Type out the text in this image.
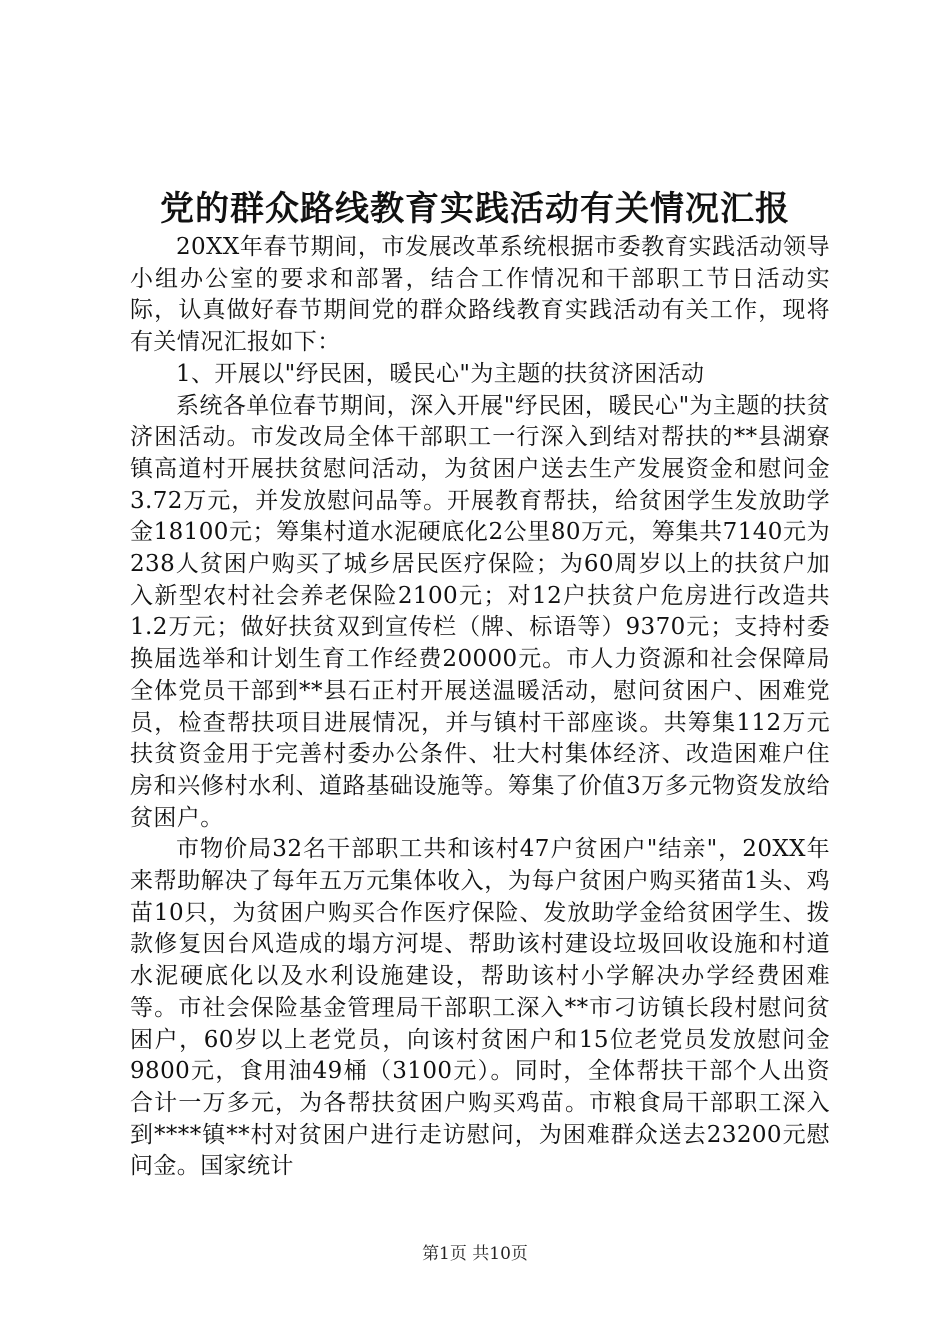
党的群众路线教育实践活动有关情况汇报

20XX年春节期间，市发展改革系统根据市委教育实践活动领导小组办公室的要求和部署，结合工作情况和干部职工节日活动实际，认真做好春节期间党的群众路线教育实践活动有关工作，现将有关情况汇报如下：

1、开展以"纾民困，暖民心"为主题的扶贫济困活动

系统各单位春节期间，深入开展"纾民困，暖民心"为主题的扶贫济困活动。市发改局全体干部职工一行深入到结对帮扶的**县湖寮镇高道村开展扶贫慰问活动，为贫困户送去生产发展资金和慰问金3.72万元，并发放慰问品等。开展教育帮扶，给贫困学生发放助学金18100元；筹集村道水泥硬底化2公里80万元，筹集共7140元为238人贫困户购买了城乡居民医疗保险；为60周岁以上的扶贫户加入新型农村社会养老保险2100元；对12户扶贫户危房进行改造共1.2万元；做好扶贫双到宣传栏（牌、标语等）9370元；支持村委换届选举和计划生育工作经费20000元。市人力资源和社会保障局全体党员干部到**县石正村开展送温暖活动，慰问贫困户、困难党员，检查帮扶项目进展情况，并与镇村干部座谈。共筹集112万元扶贫资金用于完善村委办公条件、壮大村集体经济、改造困难户住房和兴修村水利、道路基础设施等。筹集了价值3万多元物资发放给贫困户。

市物价局32名干部职工共和该村47户贫困户"结亲"，20XX年来帮助解决了每年五万元集体收入，为每户贫困户购买猪苗1头、鸡苗10只，为贫困户购买合作医疗保险、发放助学金给贫困学生、拨款修复因台风造成的塌方河堤、帮助该村建设垃圾回收设施和村道水泥硬底化以及水利设施建设，帮助该村小学解决办学经费困难等。市社会保险基金管理局干部职工深入**市刁访镇长段村慰问贫困户，60岁以上老党员，向该村贫困户和15位老党员发放慰问金9800元，食用油49桶（3100元）。同时，全体帮扶干部个人出资合计一万多元，为各帮扶贫困户购买鸡苗。市粮食局干部职工深入到****镇**村对贫困户进行走访慰问，为困难群众送去23200元慰问金。国家统计

第1页 共10页
